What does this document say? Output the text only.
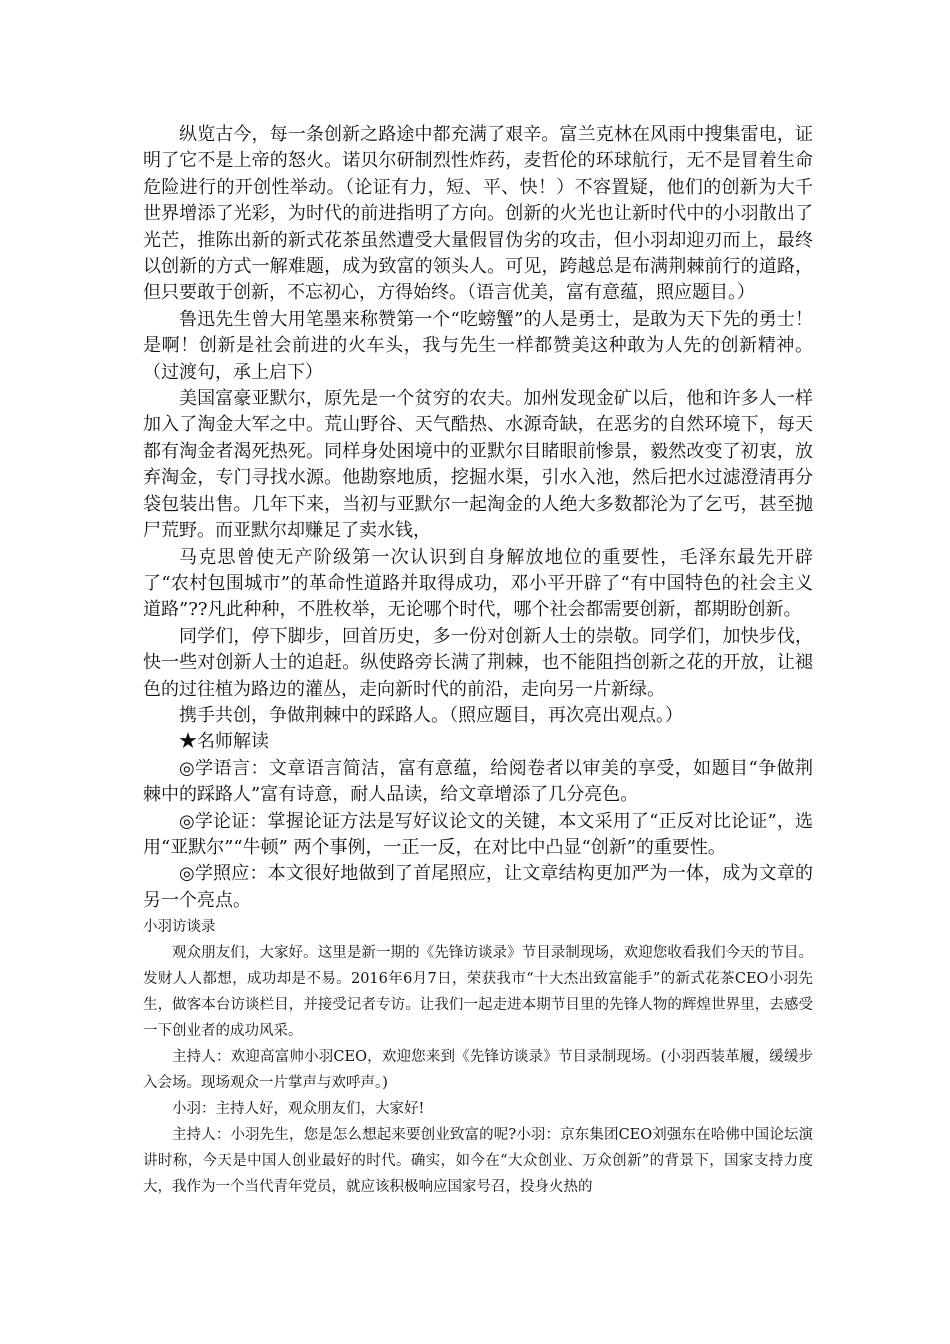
纵览古今，每一条创新之路途中都充满了艰辛。富兰克林在风雨中搜集雷电，证明了它不是上帝的怒火。诺贝尔研制烈性炸药，麦哲伦的环球航行，无不是冒着生命危险进行的开创性举动。（论证有力，短、平、快！）不容置疑，他们的创新为大千世界增添了光彩，为时代的前进指明了方向。创新的火光也让新时代中的小羽散出了光芒，推陈出新的新式花茶虽然遭受大量假冒伪劣的攻击，但小羽却迎刃而上，最终以创新的方式一解难题，成为致富的领头人。可见，跨越总是布满荆棘前行的道路，但只要敢于创新，不忘初心，方得始终。（语言优美，富有意蕴，照应题目。）

鲁迅先生曾大用笔墨来称赞第一个“吃螃蟹”的人是勇士，是敢为天下先的勇士！是啊！创新是社会前进的火车头，我与先生一样都赞美这种敢为人先的创新精神。（过渡句，承上启下）

美国富豪亚默尔，原先是一个贫穷的农夫。加州发现金矿以后，他和许多人一样加入了淘金大军之中。荒山野谷、天气酷热、水源奇缺，在恶劣的自然环境下，每天都有淘金者渴死热死。同样身处困境中的亚默尔目睹眼前惨景，毅然改变了初衷，放弃淘金，专门寻找水源。他勘察地质，挖掘水渠，引水入池，然后把水过滤澄清再分袋包装出售。几年下来，当初与亚默尔一起淘金的人绝大多数都沦为了乞丐，甚至抛尸荒野。而亚默尔却赚足了卖水钱，

马克思曾使无产阶级第一次认识到自身解放地位的重要性，毛泽东最先开辟了“农村包围城市”的革命性道路并取得成功，邓小平开辟了“有中国特色的社会主义道路”??凡此种种，不胜枚举，无论哪个时代，哪个社会都需要创新，都期盼创新。

同学们，停下脚步，回首历史，多一份对创新人士的崇敬。同学们，加快步伐，快一些对创新人士的追赶。纵使路旁长满了荆棘，也不能阻挡创新之花的开放，让褪色的过往植为路边的灌丛，走向新时代的前沿，走向另一片新绿。

携手共创，争做荆棘中的踩路人。（照应题目，再次亮出观点。）

★名师解读

◎学语言：文章语言简洁，富有意蕴，给阅卷者以审美的享受，如题目“争做荆棘中的踩路人”富有诗意，耐人品读，给文章增添了几分亮色。

◎学论证：掌握论证方法是写好议论文的关键，本文采用了“正反对比论证”，选用“亚默尔”“牛顿” 两个事例，一正一反，在对比中凸显“创新”的重要性。

◎学照应：本文很好地做到了首尾照应，让文章结构更加严为一体，成为文章的另一个亮点。

小羽访谈录

观众朋友们，大家好。这里是新一期的《先锋访谈录》节目录制现场，欢迎您收看我们今天的节目。发财人人都想，成功却是不易。2016年6月7日，荣获我市“十大杰出致富能手”的新式花茶CEO小羽先生，做客本台访谈栏目，并接受记者专访。让我们一起走进本期节目里的先锋人物的辉煌世界里，去感受一下创业者的成功风采。

主持人：欢迎高富帅小羽CEO，欢迎您来到《先锋访谈录》节目录制现场。(小羽西装革履，缓缓步入会场。现场观众一片掌声与欢呼声。)

小羽：主持人好，观众朋友们，大家好!

主持人：小羽先生，您是怎么想起来要创业致富的呢?小羽：京东集团CEO刘强东在哈佛中国论坛演讲时称，今天是中国人创业最好的时代。确实，如今在“大众创业、万众创新”的背景下，国家支持力度大，我作为一个当代青年党员，就应该积极响应国家号召，投身火热的
